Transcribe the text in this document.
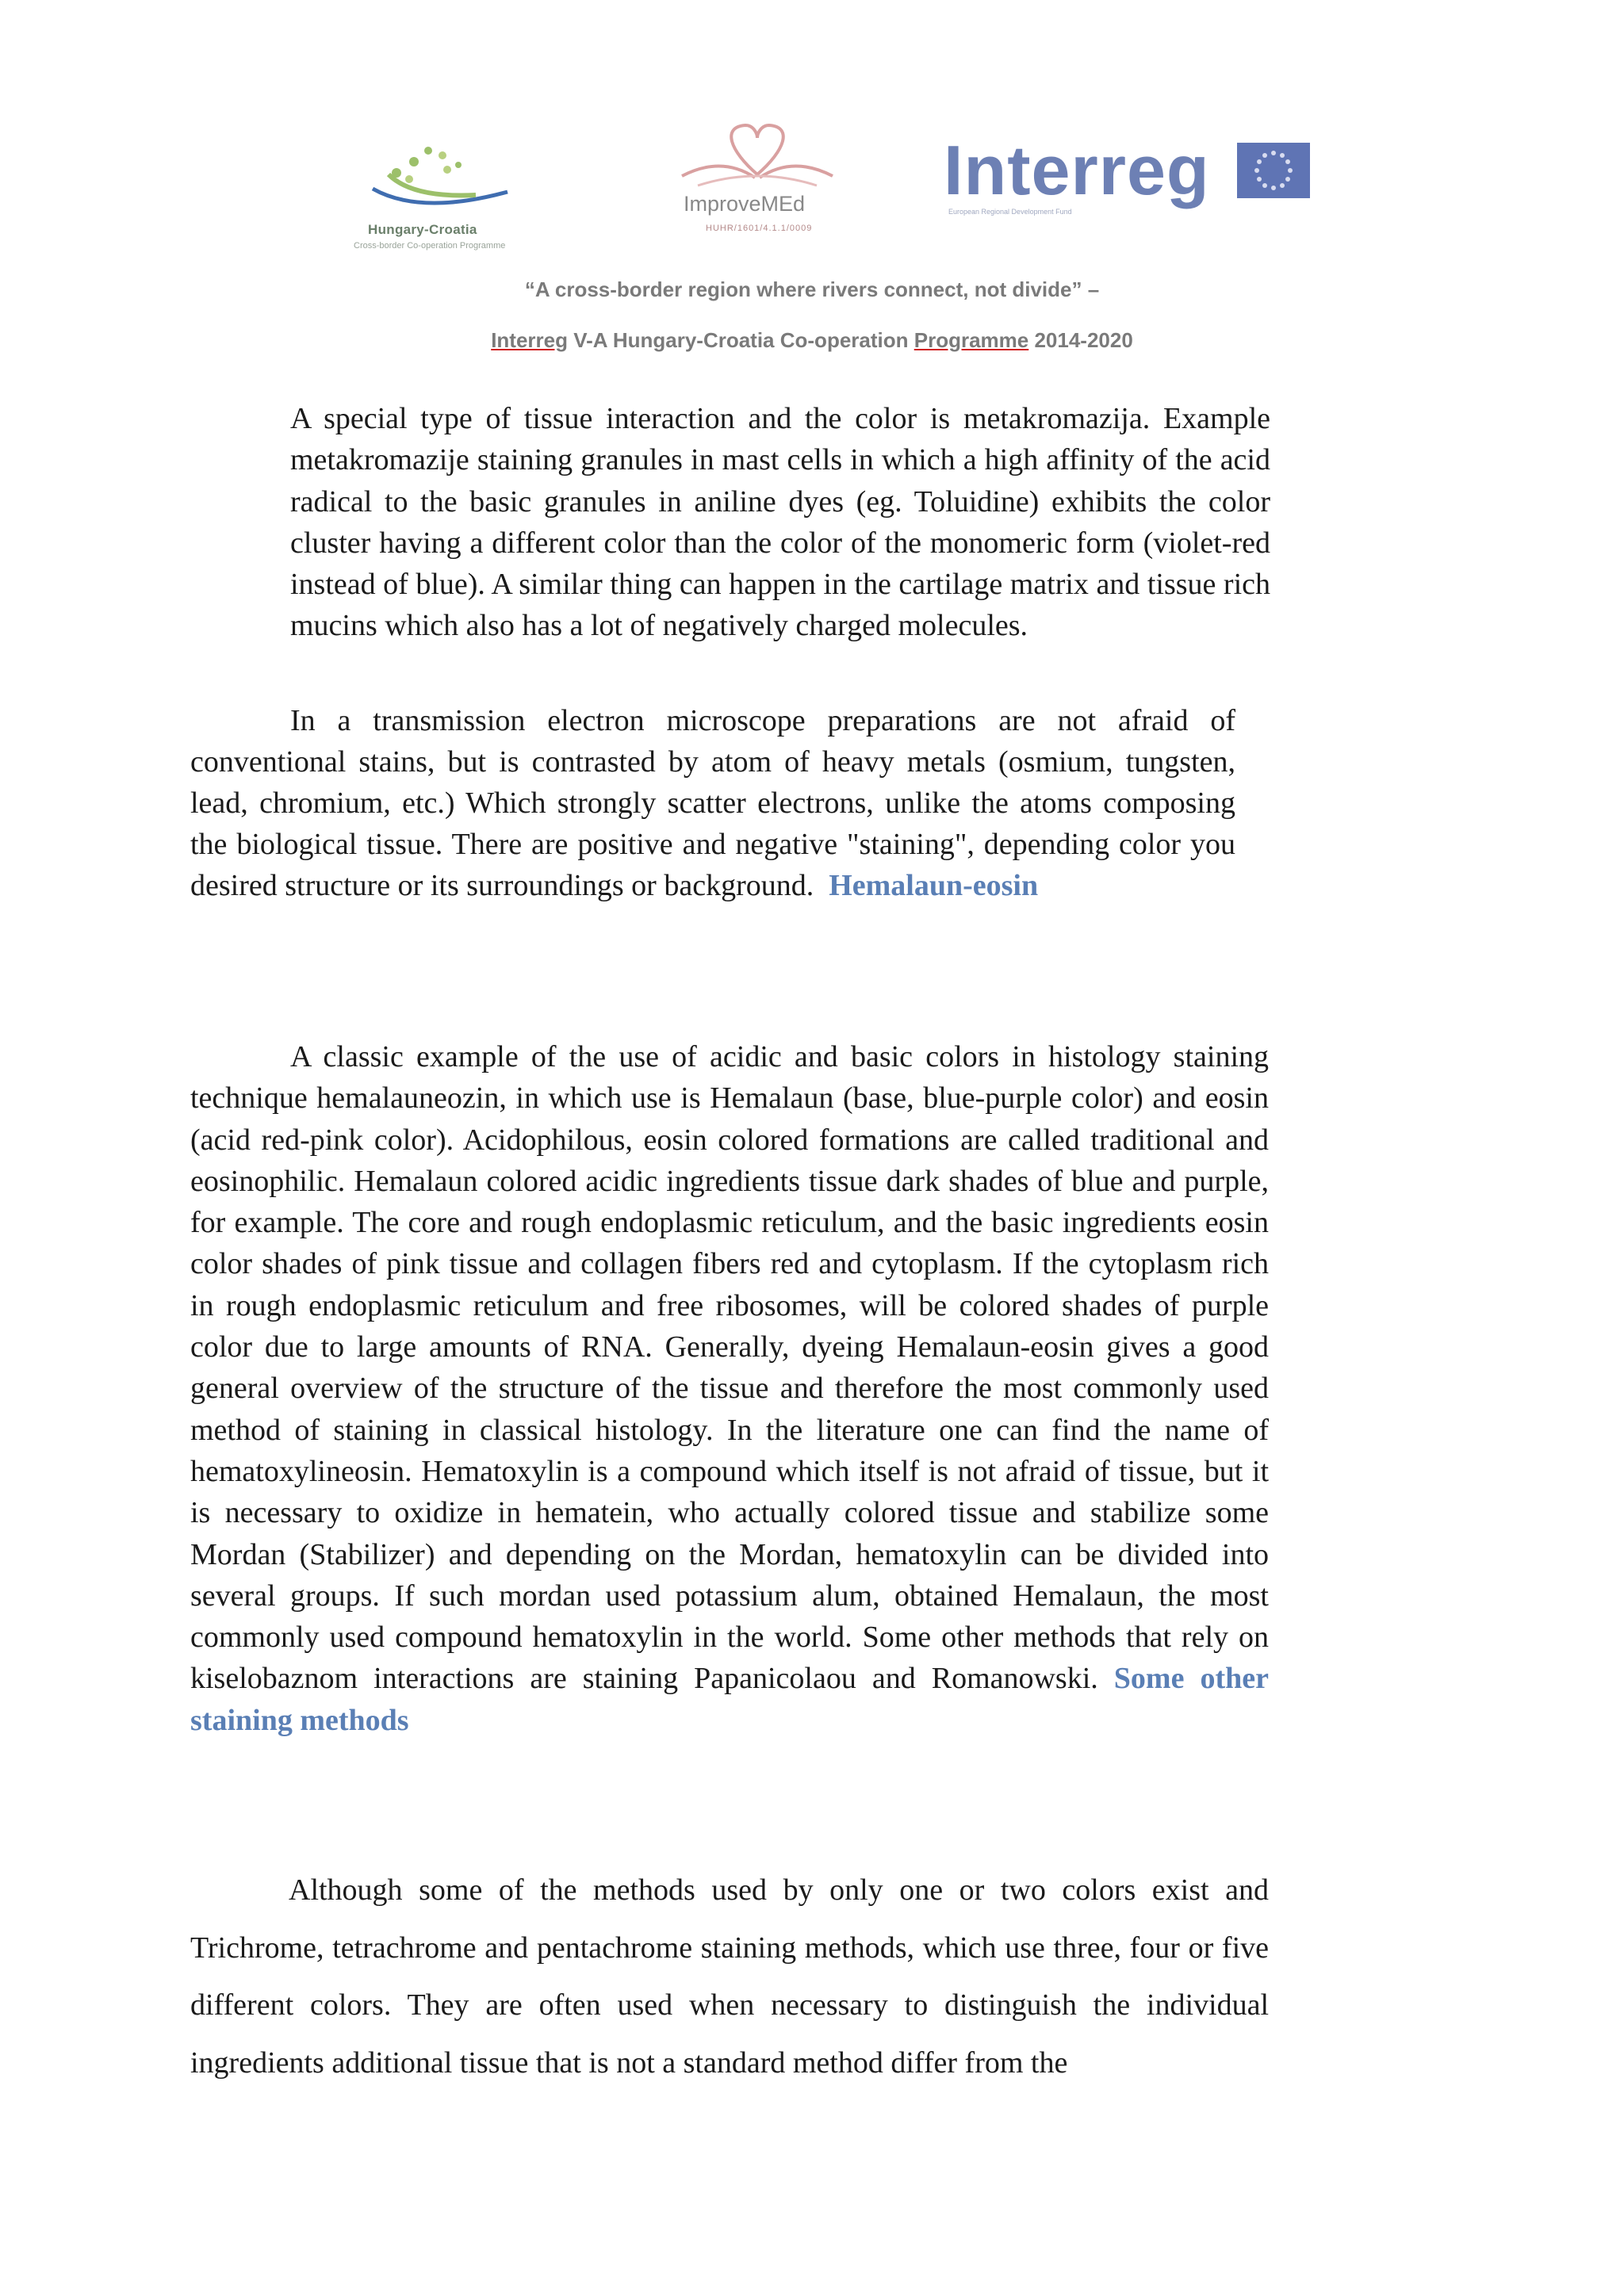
Hungary-Croatia
Cross-border Co-operation Programme
ImproveMEd
HUHR/1601/4.1.1/0009
Interreg
European Regional Development Fund
“A cross-border region where rivers connect, not divide” –
Interreg V-A Hungary-Croatia Co-operation Programme 2014-2020

A special type of tissue interaction and the color is metakromazija. Example metakromazije staining granules in mast cells in which a high affinity of the acid radical to the basic granules in aniline dyes (eg. Toluidine) exhibits the color cluster having a different color than the color of the monomeric form (violet-red instead of blue). A similar thing can happen in the cartilage matrix and tissue rich mucins which also has a lot of negatively charged molecules.

In a transmission electron microscope preparations are not afraid of conventional stains, but is contrasted by atom of heavy metals (osmium, tungsten, lead, chromium, etc.) Which strongly scatter electrons, unlike the atoms composing the biological tissue. There are positive and negative "staining", depending color you desired structure or its surroundings or background. Hemalaun-eosin

A classic example of the use of acidic and basic colors in histology staining technique hemalauneozin, in which use is Hemalaun (base, blue-purple color) and eosin (acid red-pink color). Acidophilous, eosin colored formations are called traditional and eosinophilic. Hemalaun colored acidic ingredients tissue dark shades of blue and purple, for example. The core and rough endoplasmic reticulum, and the basic ingredients eosin color shades of pink tissue and collagen fibers red and cytoplasm. If the cytoplasm rich in rough endoplasmic reticulum and free ribosomes, will be colored shades of purple color due to large amounts of RNA. Generally, dyeing Hemalaun-eosin gives a good general overview of the structure of the tissue and therefore the most commonly used method of staining in classical histology. In the literature one can find the name of hematoxylineosin. Hematoxylin is a compound which itself is not afraid of tissue, but it is necessary to oxidize in hematein, who actually colored tissue and stabilize some Mordan (Stabilizer) and depending on the Mordan, hematoxylin can be divided into several groups. If such mordan used potassium alum, obtained Hemalaun, the most commonly used compound hematoxylin in the world. Some other methods that rely on kiselobaznom interactions are staining Papanicolaou and Romanowski. Some other staining methods

Although some of the methods used by only one or two colors exist and Trichrome, tetrachrome and pentachrome staining methods, which use three, four or five different colors. They are often used when necessary to distinguish the individual ingredients additional tissue that is not a standard method differ from the
